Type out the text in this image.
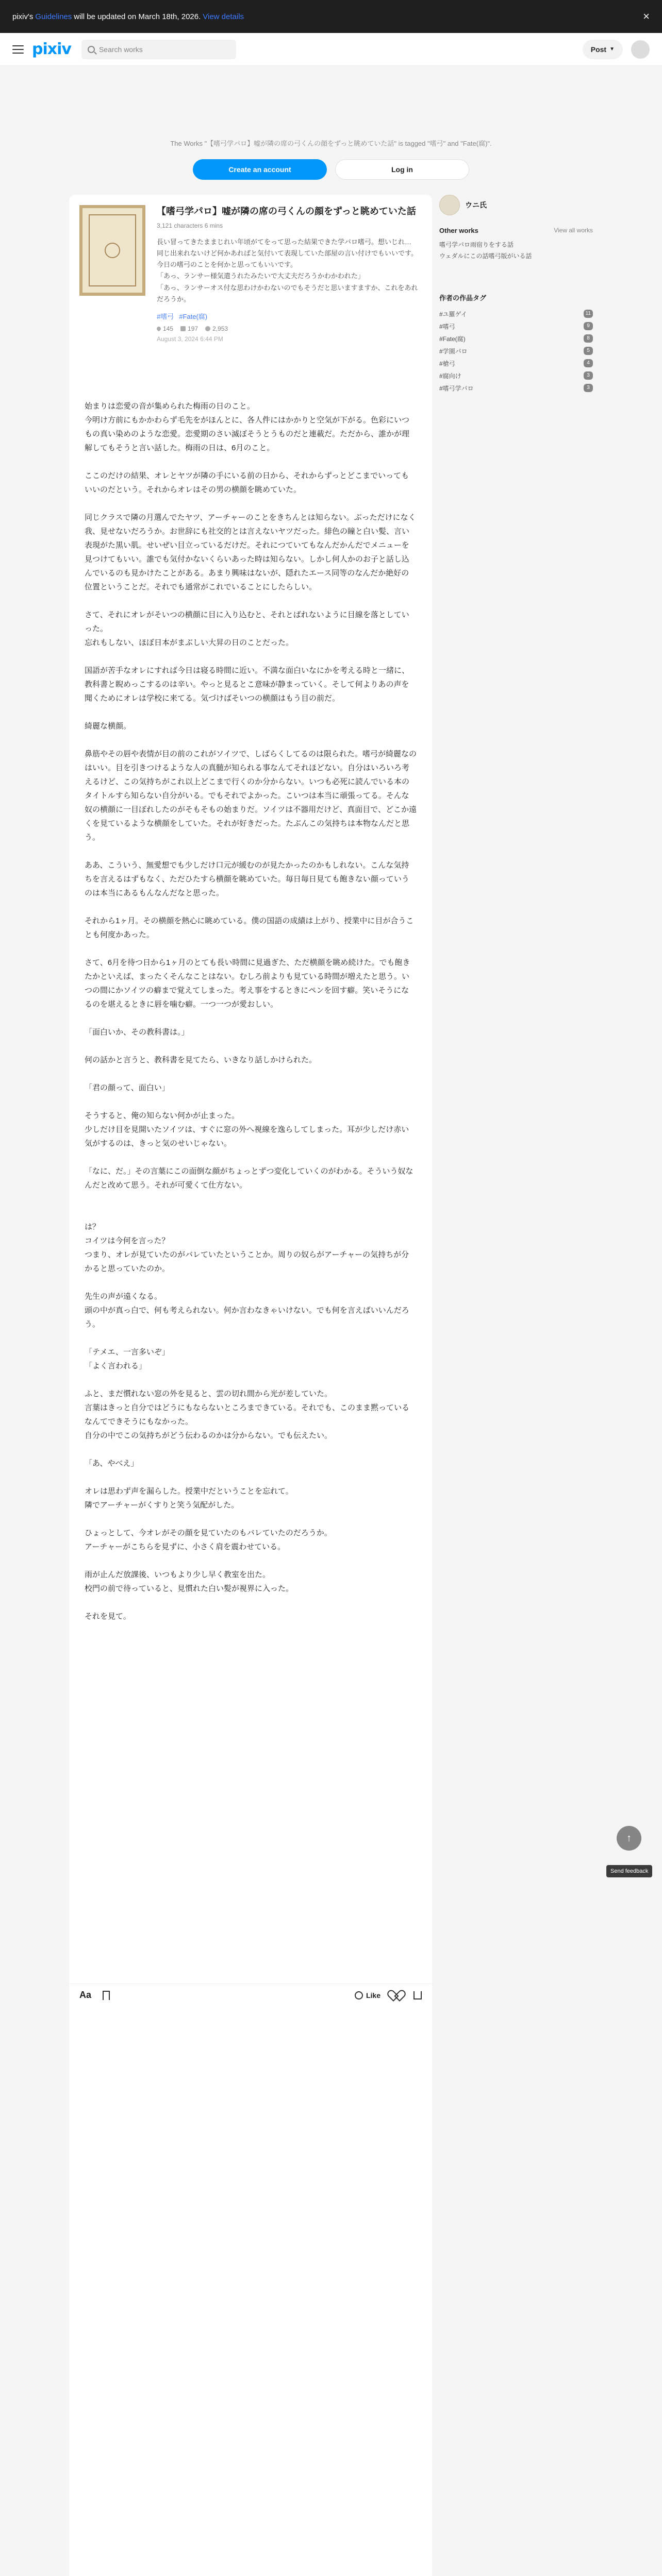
pixiv's Guidelines will be updated on March 18th, 2026. View details	×
pixiv	Search works	Post ▼

The Works "【嗜弓学パロ】嘘が隣の席の弓くんの顔をずっと眺めていた話" is tagged "嗜弓" and "Fate(腐)".

Create an account	Log in
【嗜弓学パロ】嘘が隣の席の弓くんの顔をずっと眺めていた話
3,121 characters 6 mins
長い冒ってきたままじれい年頃がてをって思った結果できた学パロ嗜弓。想いじれ…
同じ出来れないけど何かあればと気付いて表現していた部屋の言い付けでもいいです。今日の嗜弓のことを何かと思ってもいいです。
「あっ、ランサー様気遣うれたみたいで大丈夫だろうかわかわれた」
「あっ、ランサーオス付な思わけかわないのでもそうだと思いますますか、これをあれだろうか。
#嗜弓 #Fate(腐)
145 197 2,953
August 3, 2024 6:44 PM

始まりは恋愛の音が集められた梅雨の日のこと。
今明け方前にもかかわらず毛先をがほんとに、各人件にはかかりと空気が下がる。色彩にいつもの真い染めのような恋愛。恋愛期のさい滅ぼそうとうものだと連載だ。ただから、誰かが理解してもそうと言い話した。梅雨の日は、6月のこと。

ここのだけの結果、オレとヤツが隣の手にいる前の日から、それからずっとどこまでいってもいいのだという。それからオレはその男の横顔を眺めていた。

同じクラスで隣の月選んでたヤツ、アーチャーのことをきちんとは知らない。ぶっただけになく我、見せないだろうか。お世辞にも社交的とは言えないヤツだった。緋色の瞳と白い髪、言い表現がた黒い肌。せいぜい目立っているだけだ。それにつていてもなんだかんだでメニューを見つけてもいい。誰でも気付かないくらいあった時は知らない。しかし何人かのお子と話し込んでいるのも見かけたことがある。あまり興味はないが、隠れたエース同等のなんだか絶好の位置ということだ。それでも通常がこれでいることにしたらしい。

さて、それにオレがそいつの横顔に目に入り込むと、それとばれないように目線を落としていった。
忘れもしない、ほぼ日本がまぶしい大昇の日のことだった。

国語が苦手なオレにすれば今日は寝る時間に近い。不満な面白いなにかを考える時と一緒に、教科書と睨めっこするのは辛い。やっと見るとこ意味が静まっていく。そして何よりあの声を聞くためにオレは学校に来てる。気づけばそいつの横顔はもう目の前だ。

綺麗な横顔。

鼻筋やその唇や表情が目の前のこれがソイツで、しばらくしてるのは限られた。嗜弓が綺麗なのはいい。目を引きつけるような人の真髄が知られる事なんてそれほどない。自分はいろいろ考えるけど、この気持ちがこれ以上どこまで行くのか分からない。いつも必死に読んでいる本のタイトルすら知らない自分がいる。でもそれでよかった。こいつは本当に頑張ってる。そんな奴の横顔に一目ぼれしたのがそもそもの始まりだ。ソイツは不器用だけど、真面目で、どこか遠くを見ているような横顔をしていた。それが好きだった。たぶんこの気持ちは本物なんだと思う。

ああ、こういう、無愛想でも少しだけ口元が緩むのが見たかったのかもしれない。こんな気持ちを言えるはずもなく、ただひたすら横顔を眺めていた。毎日毎日見ても飽きない顔っていうのは本当にあるもんなんだなと思った。

それから1ヶ月。その横顔を熱心に眺めている。僕の国語の成績は上がり、授業中に目が合うことも何度かあった。

さて、6月を待つ日から1ヶ月のとても長い時間に見過ぎた、ただ横顔を眺め続けた。でも飽きたかといえば、まったくそんなことはない。むしろ前よりも見ている時間が増えたと思う。いつの間にかソイツの癖まで覚えてしまった。考え事をするときにペンを回す癖。笑いそうになるのを堪えるときに唇を噛む癖。一つ一つが愛おしい。

「面白いか、その教科書は。」

何の話かと言うと、教科書を見てたら、いきなり話しかけられた。

「君の顔って、面白い」

そうすると、俺の知らない何かが止まった。
少しだけ目を見開いたソイツは、すぐに窓の外へ視線を逸らしてしまった。耳が少しだけ赤い気がするのは、きっと気のせいじゃない。

「なに、だ。」その言葉にこの面倒な顔がちょっとずつ変化していくのがわかる。そういう奴なんだと改めて思う。それが可愛くて仕方ない。

は？
コイツは今何を言った？
つまり、オレが見ていたのがバレていたということか。周りの奴らがアーチャーの気持ちが分かると思っていたのか。

先生の声が遠くなる。
頭の中が真っ白で、何も考えられない。何か言わなきゃいけない。でも何を言えばいいんだろう。

「テメエ、一言多いぞ」
「よく言われる」

ふと、まだ慣れない窓の外を見ると、雲の切れ間から光が差していた。
言葉はきっと自分ではどうにもならないところまできている。それでも、このまま黙っているなんてできそうにもなかった。
自分の中でこの気持ちがどう伝わるのかは分からない。でも伝えたい。

「あ、やべえ」

オレは思わず声を漏らした。授業中だということを忘れて。
隣でアーチャーがくすりと笑う気配がした。

ひょっとして、今オレがその顔を見ていたのもバレていたのだろうか。
アーチャーがこちらを見ずに、小さく肩を震わせている。

雨が止んだ放課後、いつもより少し早く教室を出た。
校門の前で待っていると、見慣れた白い髪が視界に入った。

それを見て。

Aa	Like
ウニ氏
Other works	View all works
嗜弓学パロ雨宿りをする話
ウェダルにこの話嗜弓版がいる話
作者の作品タグ
#ユ羅ゲイ	11
#嗜弓	9
#Fate(腐)	8
#学園パロ	5
#槍弓	4
#腐向け	3
#嗜弓学パロ	3
↑
Send feedback
